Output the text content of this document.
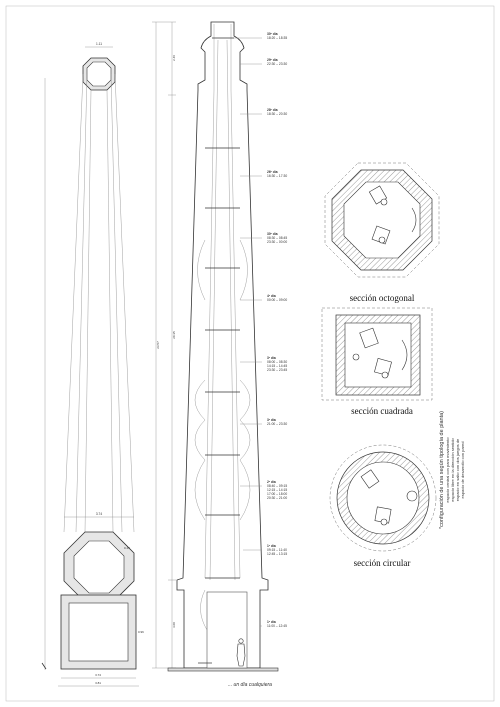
1.11
3.74
0.47
0.96
3.74
3.81
2.46
20.35
23.57
3.00
30º día
18:20 – 18:35
29º día
22:30 – 23:30
28º día
18:30 – 20:30
26º día
16:30 – 17:30
30º día
08:30 – 08:45
23:30 – 00:00
4º día
00:00 – 09:00
3º día
08:00 – 08:30
14:15 – 14:45
23:30 – 23:45
3º día
21:00 – 23:30
2º día
08:40 – 09:15
12:15 – 14:15
17:00 – 18:00
20:30 – 21:00
1º día
09:15 – 11:40
12:45 – 13:15
1º día
11:00 – 12:45
... un día cualquiera
sección octogonal
sección cuadrada
sección circular
*configuración de una según tipología de planta) espacio central con para movimiento espacio libre en la dirección sentido espacio en salto con dos juegos de espacio de desarrollo con pared
